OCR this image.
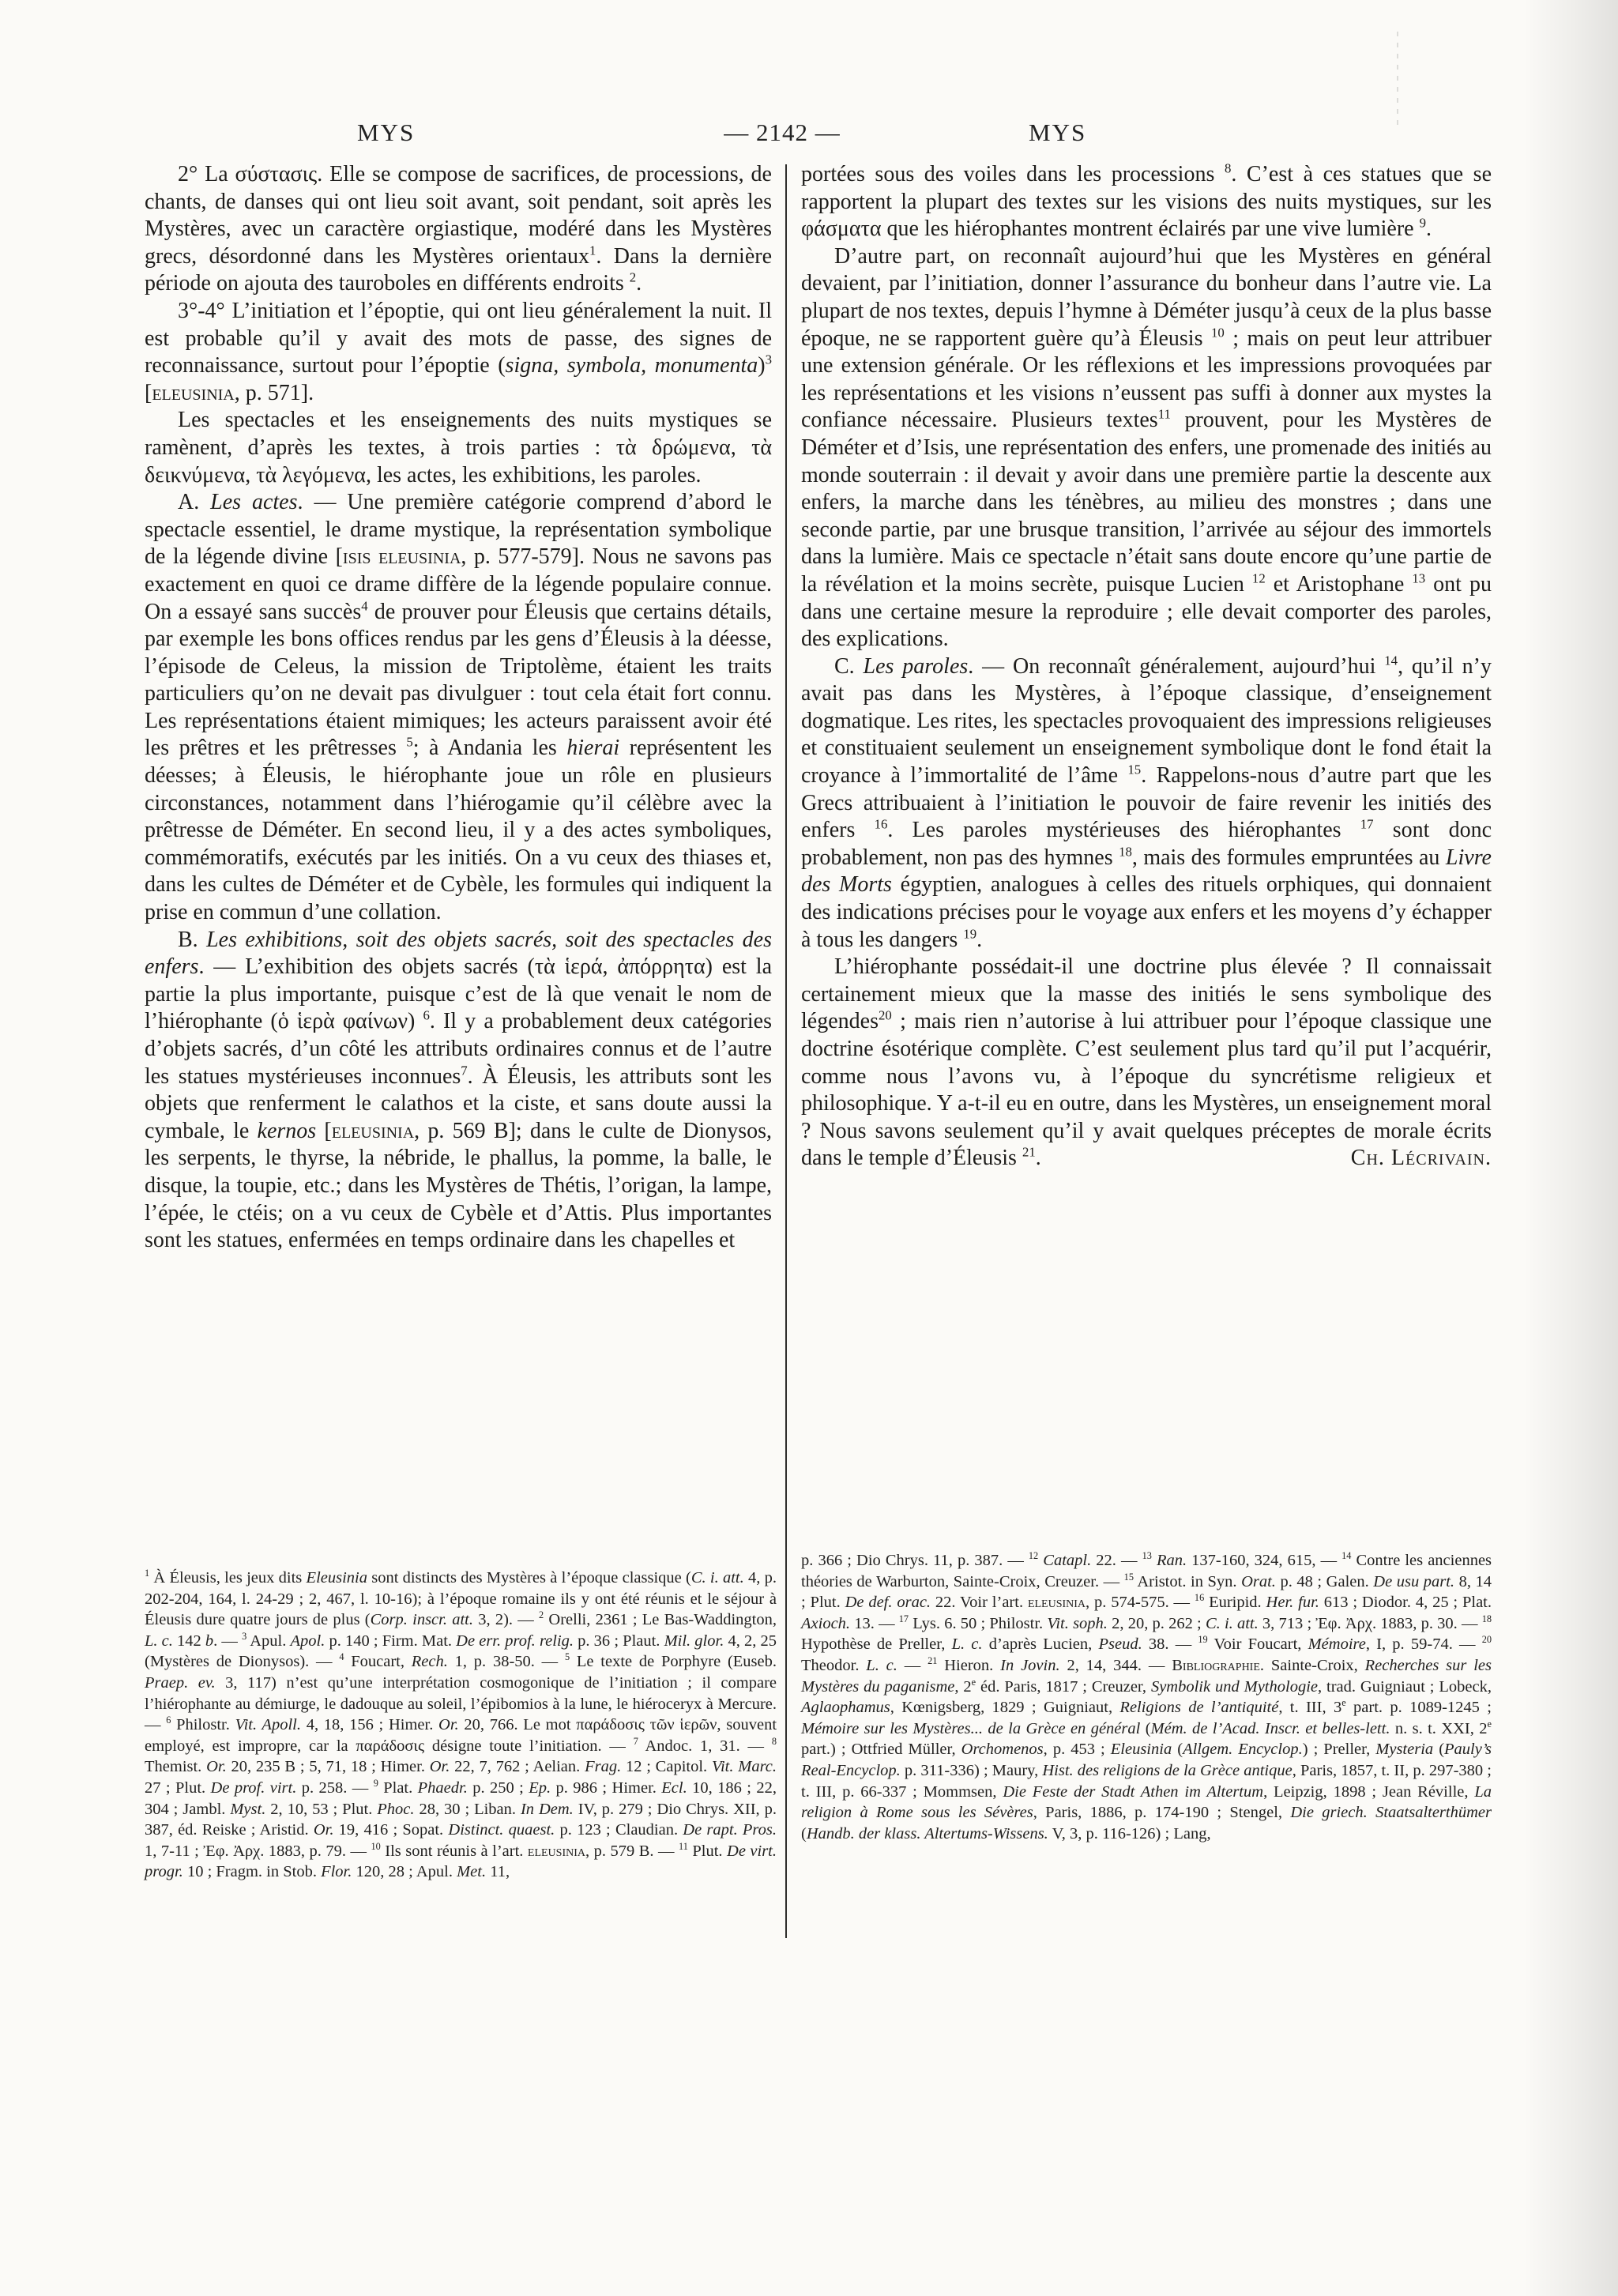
MYS	— 2142 —	MYS

2° La σύστασις. Elle se compose de sacrifices, de processions, de chants, de danses qui ont lieu soit avant, soit pendant, soit après les Mystères, avec un caractère orgiastique, modéré dans les Mystères grecs, désordonné dans les Mystères orientaux$^1$. Dans la dernière période on ajouta des tauroboles en différents endroits $^2$.

3°-4° L’initiation et l’époptie, qui ont lieu généralement la nuit. Il est probable qu’il y avait des mots de passe, des signes de reconnaissance, surtout pour l’époptie (signa, symbola, monumenta)$^3$ [eleusinia, p. 571].

Les spectacles et les enseignements des nuits mystiques se ramènent, d’après les textes, à trois parties : τὰ δρώμενα, τὰ δεικνύμενα, τὰ λεγόμενα, les actes, les exhibitions, les paroles.

A. Les actes. — Une première catégorie comprend d’abord le spectacle essentiel, le drame mystique, la représentation symbolique de la légende divine [isis eleusinia, p. 577-579]. Nous ne savons pas exactement en quoi ce drame diffère de la légende populaire connue. On a essayé sans succès$^4$ de prouver pour Éleusis que certains détails, par exemple les bons offices rendus par les gens d’Éleusis à la déesse, l’épisode de Celeus, la mission de Triptolème, étaient les traits particuliers qu’on ne devait pas divulguer : tout cela était fort connu. Les représentations étaient mimiques; les acteurs paraissent avoir été les prêtres et les prêtresses $^5$; à Andania les hierai représentent les déesses; à Éleusis, le hiérophante joue un rôle en plusieurs circonstances, notamment dans l’hiérogamie qu’il célèbre avec la prêtresse de Déméter. En second lieu, il y a des actes symboliques, commémoratifs, exécutés par les initiés. On a vu ceux des thiases et, dans les cultes de Déméter et de Cybèle, les formules qui indiquent la prise en commun d’une collation.

B. Les exhibitions, soit des objets sacrés, soit des spectacles des enfers. — L’exhibition des objets sacrés (τὰ ἱερά, ἀπόρρητα) est la partie la plus importante, puisque c’est de là que venait le nom de l’hiérophante (ὁ ἱερὰ φαίνων) $^6$. Il y a probablement deux catégories d’objets sacrés, d’un côté les attributs ordinaires connus et de l’autre les statues mystérieuses inconnues$^7$. À Éleusis, les attributs sont les objets que renferment le calathos et la ciste, et sans doute aussi la cymbale, le kernos [eleusinia, p. 569 B]; dans le culte de Dionysos, les serpents, le thyrse, la nébride, le phallus, la pomme, la balle, le disque, la toupie, etc.; dans les Mystères de Thétis, l’origan, la lampe, l’épée, le ctéis; on a vu ceux de Cybèle et d’Attis. Plus importantes sont les statues, enfermées en temps ordinaire dans les chapelles et

portées sous des voiles dans les processions $^8$. C’est à ces statues que se rapportent la plupart des textes sur les visions des nuits mystiques, sur les φάσματα que les hiérophantes montrent éclairés par une vive lumière $^9$.

D’autre part, on reconnaît aujourd’hui que les Mystères en général devaient, par l’initiation, donner l’assurance du bonheur dans l’autre vie. La plupart de nos textes, depuis l’hymne à Déméter jusqu’à ceux de la plus basse époque, ne se rapportent guère qu’à Éleusis $^{10}$ ; mais on peut leur attribuer une extension générale. Or les réflexions et les impressions provoquées par les représentations et les visions n’eussent pas suffi à donner aux mystes la confiance nécessaire. Plusieurs textes$^{11}$ prouvent, pour les Mystères de Déméter et d’Isis, une représentation des enfers, une promenade des initiés au monde souterrain : il devait y avoir dans une première partie la descente aux enfers, la marche dans les ténèbres, au milieu des monstres ; dans une seconde partie, par une brusque transition, l’arrivée au séjour des immortels dans la lumière. Mais ce spectacle n’était sans doute encore qu’une partie de la révélation et la moins secrète, puisque Lucien $^{12}$ et Aristophane $^{13}$ ont pu dans une certaine mesure la reproduire ; elle devait comporter des paroles, des explications.

C. Les paroles. — On reconnaît généralement, aujourd’hui $^{14}$, qu’il n’y avait pas dans les Mystères, à l’époque classique, d’enseignement dogmatique. Les rites, les spectacles provoquaient des impressions religieuses et constituaient seulement un enseignement symbolique dont le fond était la croyance à l’immortalité de l’âme $^{15}$. Rappelons-nous d’autre part que les Grecs attribuaient à l’initiation le pouvoir de faire revenir les initiés des enfers $^{16}$. Les paroles mystérieuses des hiérophantes $^{17}$ sont donc probablement, non pas des hymnes $^{18}$, mais des formules empruntées au Livre des Morts égyptien, analogues à celles des rituels orphiques, qui donnaient des indications précises pour le voyage aux enfers et les moyens d’y échapper à tous les dangers $^{19}$.

L’hiérophante possédait-il une doctrine plus élevée ? Il connaissait certainement mieux que la masse des initiés le sens symbolique des légendes$^{20}$ ; mais rien n’autorise à lui attribuer pour l’époque classique une doctrine ésotérique complète. C’est seulement plus tard qu’il put l’acquérir, comme nous l’avons vu, à l’époque du syncrétisme religieux et philosophique. Y a-t-il eu en outre, dans les Mystères, un enseignement moral ? Nous savons seulement qu’il y avait quelques préceptes de morale écrits dans le temple d’Éleusis $^{21}$.	Ch. Lécrivain.

$^1$ À Éleusis, les jeux dits Eleusinia sont distincts des Mystères à l’époque classique (C. i. att. 4, p. 202-204, 164, l. 24-29 ; 2, 467, l. 10-16); à l’époque romaine ils y ont été réunis et le séjour à Éleusis dure quatre jours de plus (Corp. inscr. att. 3, 2). — $^2$ Orelli, 2361 ; Le Bas-Waddington, L. c. 142 b. — $^3$ Apul. Apol. p. 140 ; Firm. Mat. De err. prof. relig. p. 36 ; Plaut. Mil. glor. 4, 2, 25 (Mystères de Dionysos). — $^4$ Foucart, Rech. 1, p. 38-50. — $^5$ Le texte de Porphyre (Euseb. Praep. ev. 3, 117) n’est qu’une interprétation cosmogonique de l’initiation ; il compare l’hiérophante au démiurge, le dadouque au soleil, l’épibomios à la lune, le hiéroceryx à Mercure. — $^6$ Philostr. Vit. Apoll. 4, 18, 156 ; Himer. Or. 20, 766. Le mot παράδοσις τῶν ἱερῶν, souvent employé, est impropre, car la παράδοσις désigne toute l’initiation. — $^7$ Andoc. 1, 31. — $^8$ Themist. Or. 20, 235 B ; 5, 71, 18 ; Himer. Or. 22, 7, 762 ; Aelian. Frag. 12 ; Capitol. Vit. Marc. 27 ; Plut. De prof. virt. p. 258. — $^9$ Plat. Phaedr. p. 250 ; Ep. p. 986 ; Himer. Ecl. 10, 186 ; 22, 304 ; Jambl. Myst. 2, 10, 53 ; Plut. Phoc. 28, 30 ; Liban. In Dem. IV, p. 279 ; Dio Chrys. XII, p. 387, éd. Reiske ; Aristid. Or. 19, 416 ; Sopat. Distinct. quaest. p. 123 ; Claudian. De rapt. Pros. 1, 7-11 ; Ἐφ. Ἀρχ. 1883, p. 79. — $^{10}$ Ils sont réunis à l’art. eleusinia, p. 579 B. — $^{11}$ Plut. De virt. progr. 10 ; Fragm. in Stob. Flor. 120, 28 ; Apul. Met. 11,
p. 366 ; Dio Chrys. 11, p. 387. — $^{12}$ Catapl. 22. — $^{13}$ Ran. 137-160, 324, 615, — $^{14}$ Contre les anciennes théories de Warburton, Sainte-Croix, Creuzer. — $^{15}$ Aristot. in Syn. Orat. p. 48 ; Galen. De usu part. 8, 14 ; Plut. De def. orac. 22. Voir l’art. eleusinia, p. 574-575. — $^{16}$ Euripid. Her. fur. 613 ; Diodor. 4, 25 ; Plat. Axioch. 13. — $^{17}$ Lys. 6. 50 ; Philostr. Vit. soph. 2, 20, p. 262 ; C. i. att. 3, 713 ; Ἐφ. Ἀρχ. 1883, p. 30. — $^{18}$ Hypothèse de Preller, L. c. d’après Lucien, Pseud. 38. — $^{19}$ Voir Foucart, Mémoire, I, p. 59-74. — $^{20}$ Theodor. L. c. — $^{21}$ Hieron. In Jovin. 2, 14, 344. — Bibliographie. Sainte-Croix, Recherches sur les Mystères du paganisme, 2e éd. Paris, 1817 ; Creuzer, Symbolik und Mythologie, trad. Guigniaut ; Lobeck, Aglaophamus, Kœnigsberg, 1829 ; Guigniaut, Religions de l’antiquité, t. III, 3e part. p. 1089-1245 ; Mémoire sur les Mystères... de la Grèce en général (Mém. de l’Acad. Inscr. et belles-lett. n. s. t. XXI, 2e part.) ; Ottfried Müller, Orchomenos, p. 453 ; Eleusinia (Allgem. Encyclop.) ; Preller, Mysteria (Pauly’s Real-Encyclop. p. 311-336) ; Maury, Hist. des religions de la Grèce antique, Paris, 1857, t. II, p. 297-380 ; t. III, p. 66-337 ; Mommsen, Die Feste der Stadt Athen im Altertum, Leipzig, 1898 ; Jean Réville, La religion à Rome sous les Sévères, Paris, 1886, p. 174-190 ; Stengel, Die griech. Staatsalterthümer (Handb. der klass. Altertums-Wissens. V, 3, p. 116-126) ; Lang,
